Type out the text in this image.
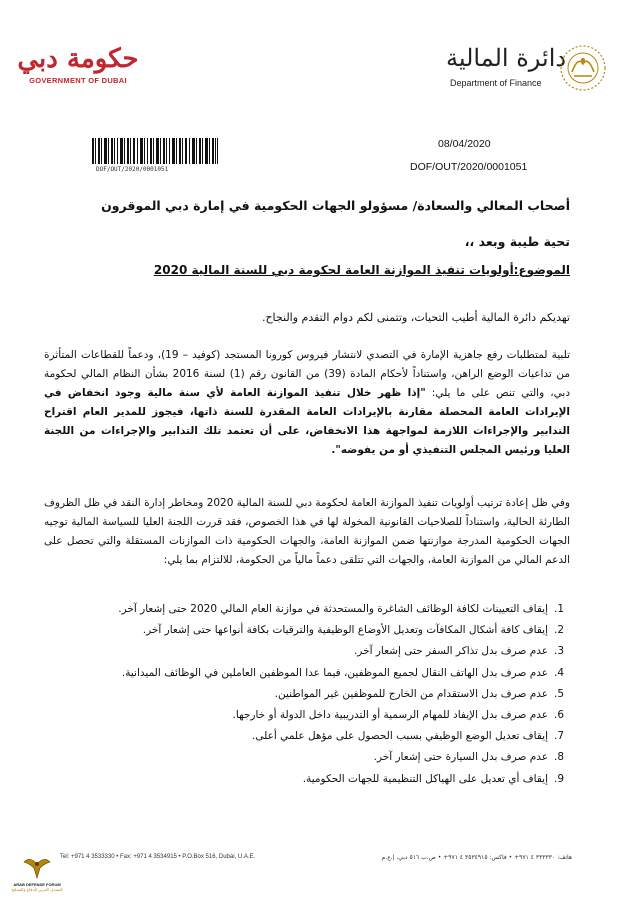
حكومة دبي
GOVERNMENT OF DUBAI
دائرة المالية
Department of Finance
DOF/OUT/2020/0001051
08/04/2020
DOF/OUT/2020/0001051
أصحاب المعالي والسعادة/ مسؤولو الجهات الحكومية في إمارة دبي الموقرون
تحية طيبة وبعد ،،
الموضوع:أولويات تنفيذ الموازنة العامة لحكومة دبي للسنة المالية 2020
تهديكم دائرة المالية أطيب التحيات، وتتمنى لكم دوام التقدم والنجاح.
تلبية لمتطلبات رفع جاهزية الإمارة في التصدي لانتشار فيروس كورونا المستجد (كوفيد – 19)، ودعماً للقطاعات المتأثرة من تداعيات الوضع الراهن، واستناداً لأحكام المادة (39) من القانون رقم (1) لسنة 2016 بشأن النظام المالي لحكومة دبي، والتي تنص على ما يلي: "إذا ظهر خلال تنفيذ الموازنة العامة لأي سنة مالية وجود انخفاض في الإيرادات العامة المحصلة مقارنة بالإيرادات العامة المقدرة للسنة ذاتها، فيجوز للمدير العام اقتراح التدابير والإجراءات اللازمة لمواجهة هذا الانخفاض، على أن تعتمد تلك التدابير والإجراءات من اللجنة العليا ورئيس المجلس التنفيذي أو من يفوضه".
وفي ظل إعادة ترتيب أولويات تنفيذ الموازنة العامة لحكومة دبي للسنة المالية 2020 ومخاطر إدارة النقد في ظل الظروف الطارئة الحالية، واستناداً للصلاحيات القانونية المخولة لها في هذا الخصوص، فقد قررت اللجنة العليا للسياسة المالية توجيه الجهات الحكومية المدرجة موازنتها ضمن الموازنة العامة، والجهات الحكومية ذات الموازنات المستقلة والتي تحصل على الدعم المالي من الموازنة العامة، والجهات التي تتلقى دعماً مالياً من الحكومة، للالتزام بما يلي:
1.إيقاف التعيينات لكافة الوظائف الشاغرة والمستحدثة في موازنة العام المالي 2020 حتى إشعار آخر.
2.إيقاف كافة أشكال المكافآت وتعديل الأوضاع الوظيفية والترقيات بكافة أنواعها حتى إشعار آخر.
3.عدم صرف بدل تذاكر السفر حتى إشعار آخر.
4.عدم صرف بدل الهاتف النقال لجميع الموظفين، فيما عدا الموظفين العاملين في الوظائف الميدانية.
5.عدم صرف بدل الاستقدام من الخارج للموظفين غير المواطنين.
6.عدم صرف بدل الإيفاد للمهام الرسمية أو التدريبية داخل الدولة أو خارجها.
7.إيقاف تعديل الوضع الوظيفي بسبب الحصول على مؤهل علمي أعلى.
8.عدم صرف بدل السيارة حتى إشعار آخر.
9.إيقاف أي تعديل على الهياكل التنظيمية للجهات الحكومية.
Tel: +971 4 3533330 • Fax: +971 4 3534915 • P.O.Box 516, Dubai, U.A.E.	هاتف: ٣٣٣٣٣٠ ٤ ٩٧١+ • فاكس: ٣٥٣٤٩١٥ ٤ ٩٧١+ • ص.ب ٥١٦ دبي، إ.ع.م
ARAB DEFENSE FORUM
المنتدى العربي للدفاع والتسليح
